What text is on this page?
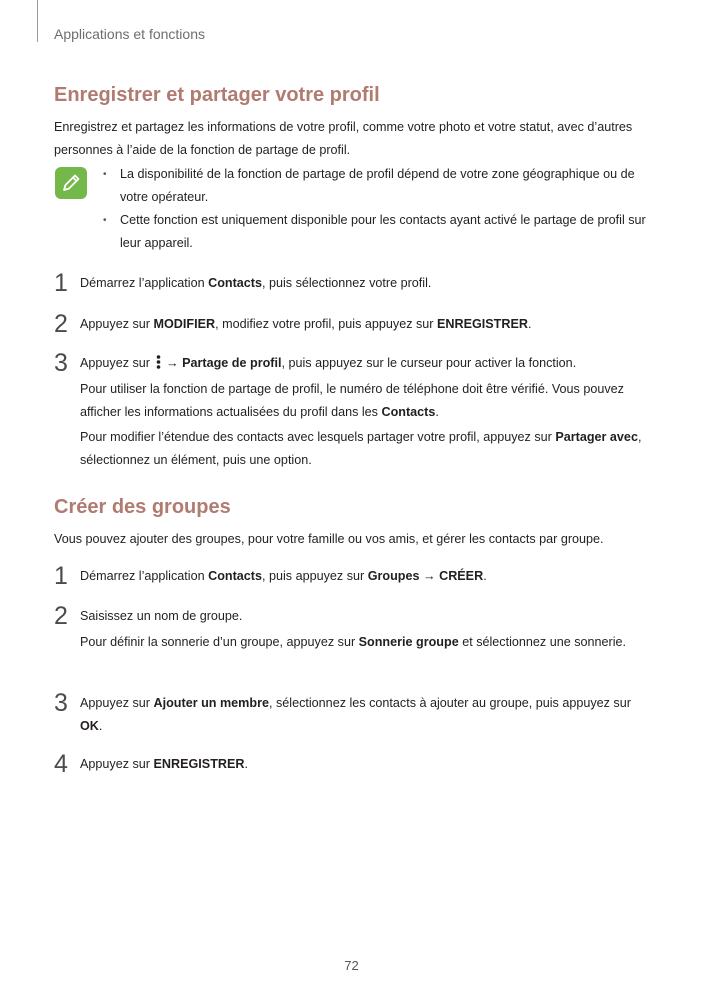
Applications et fonctions
Enregistrer et partager votre profil

Enregistrez et partagez les informations de votre profil, comme votre photo et votre statut, avec d’autres personnes à l’aide de la fonction de partage de profil.

• La disponibilité de la fonction de partage de profil dépend de votre zone géographique ou de votre opérateur.
• Cette fonction est uniquement disponible pour les contacts ayant activé le partage de profil sur leur appareil.
1 Démarrez l’application Contacts, puis sélectionnez votre profil.
2 Appuyez sur MODIFIER, modifiez votre profil, puis appuyez sur ENREGISTRER.
3 Appuyez sur  → Partage de profil, puis appuyez sur le curseur pour activer la fonction.

Pour utiliser la fonction de partage de profil, le numéro de téléphone doit être vérifié. Vous pouvez afficher les informations actualisées du profil dans les Contacts.

Pour modifier l’étendue des contacts avec lesquels partager votre profil, appuyez sur Partager avec, sélectionnez un élément, puis une option.

Créer des groupes

Vous pouvez ajouter des groupes, pour votre famille ou vos amis, et gérer les contacts par groupe.

1 Démarrez l’application Contacts, puis appuyez sur Groupes → CRÉER.
2 Saisissez un nom de groupe.

Pour définir la sonnerie d’un groupe, appuyez sur Sonnerie groupe et sélectionnez une sonnerie.

3 Appuyez sur Ajouter un membre, sélectionnez les contacts à ajouter au groupe, puis appuyez sur OK.
4 Appuyez sur ENREGISTRER.
72
